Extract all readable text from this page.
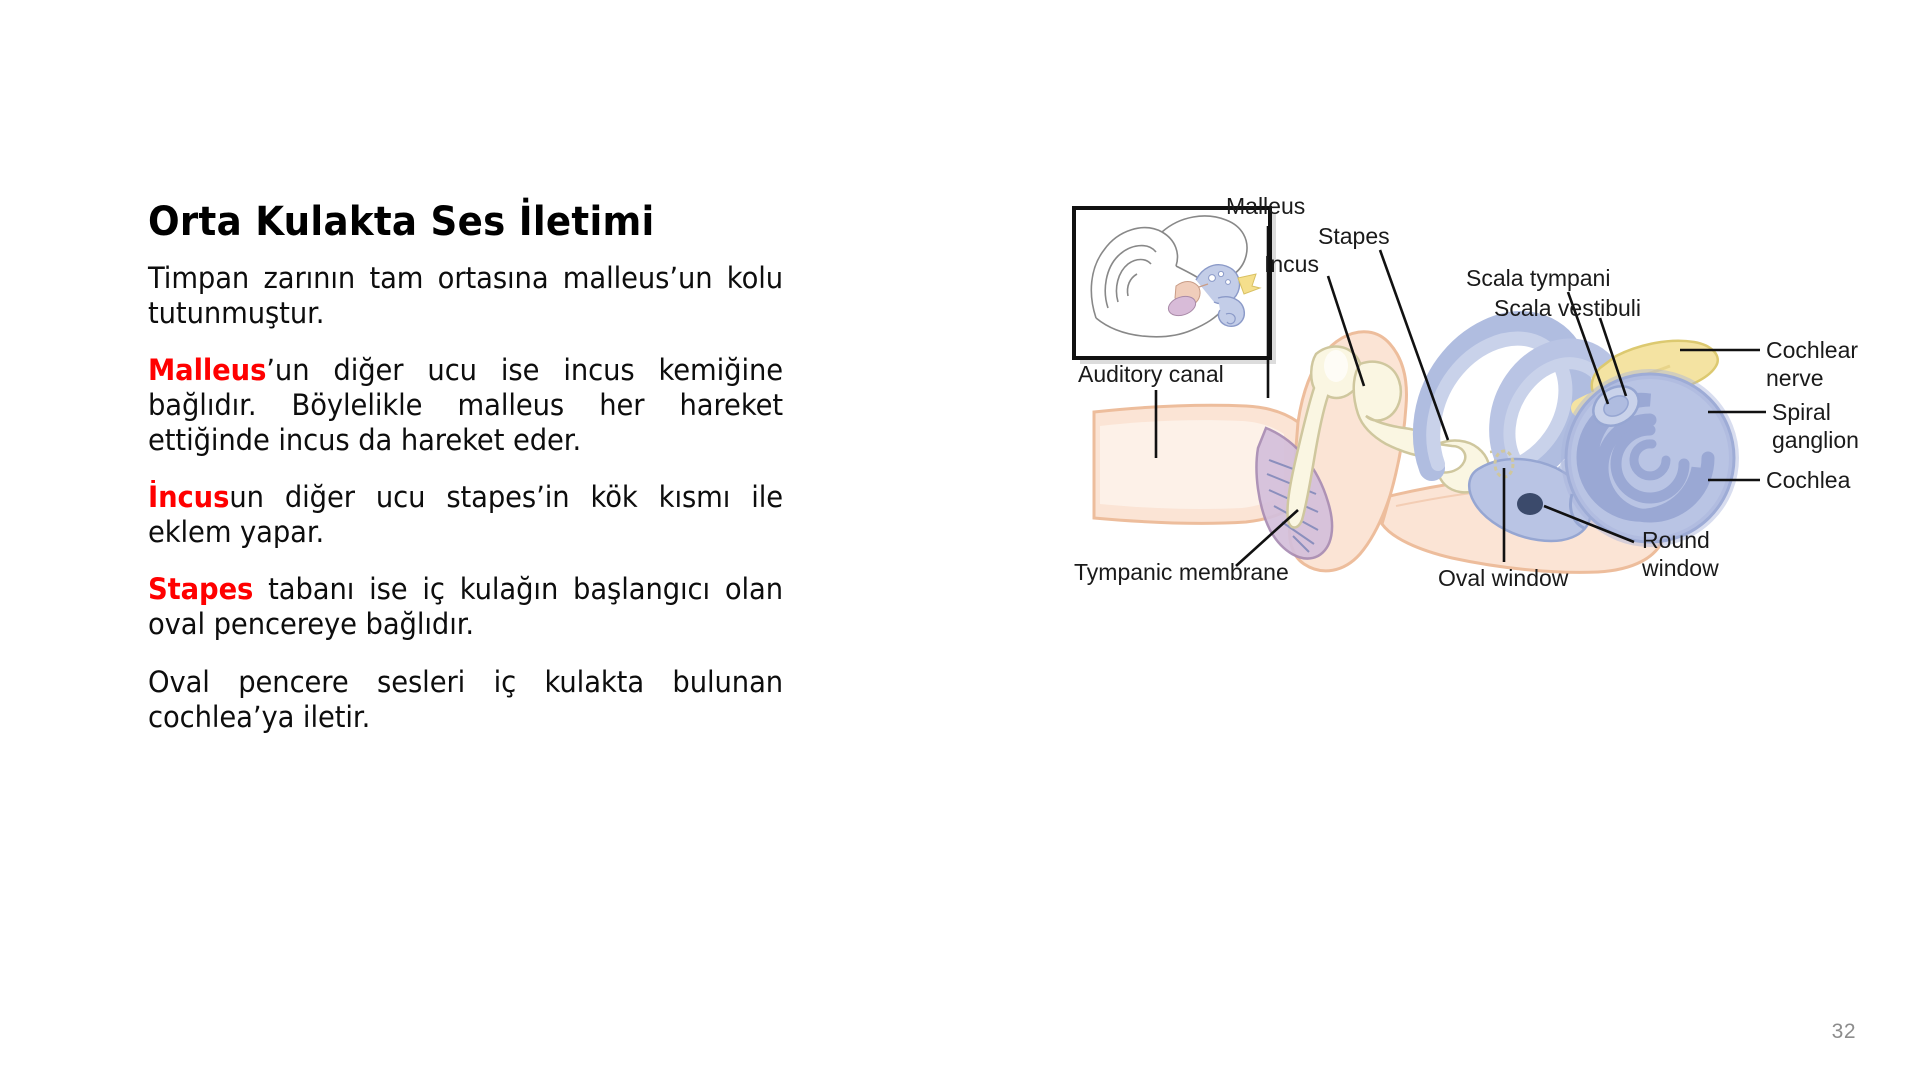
Orta Kulakta Ses İletimi

Timpan zarının tam ortasına malleus’un kolu tutunmuştur.

Malleus’un diğer ucu ise incus kemiğine bağlıdır. Böylelikle malleus her hareket ettiğinde incus da hareket eder.

İncusun diğer ucu stapes’in kök kısmı ile eklem yapar.

Stapes tabanı ise iç kulağın başlangıcı olan oval pencereye bağlıdır.

Oval pencere sesleri iç kulakta bulunan cochlea’ya iletir.

Malleus
Stapes
Incus
Scala tympani
Scala vestibuli
Cochlear
nerve
Spiral
ganglion
Cochlea
Round
window
Auditory canal
Tympanic membrane	Oval window
32
